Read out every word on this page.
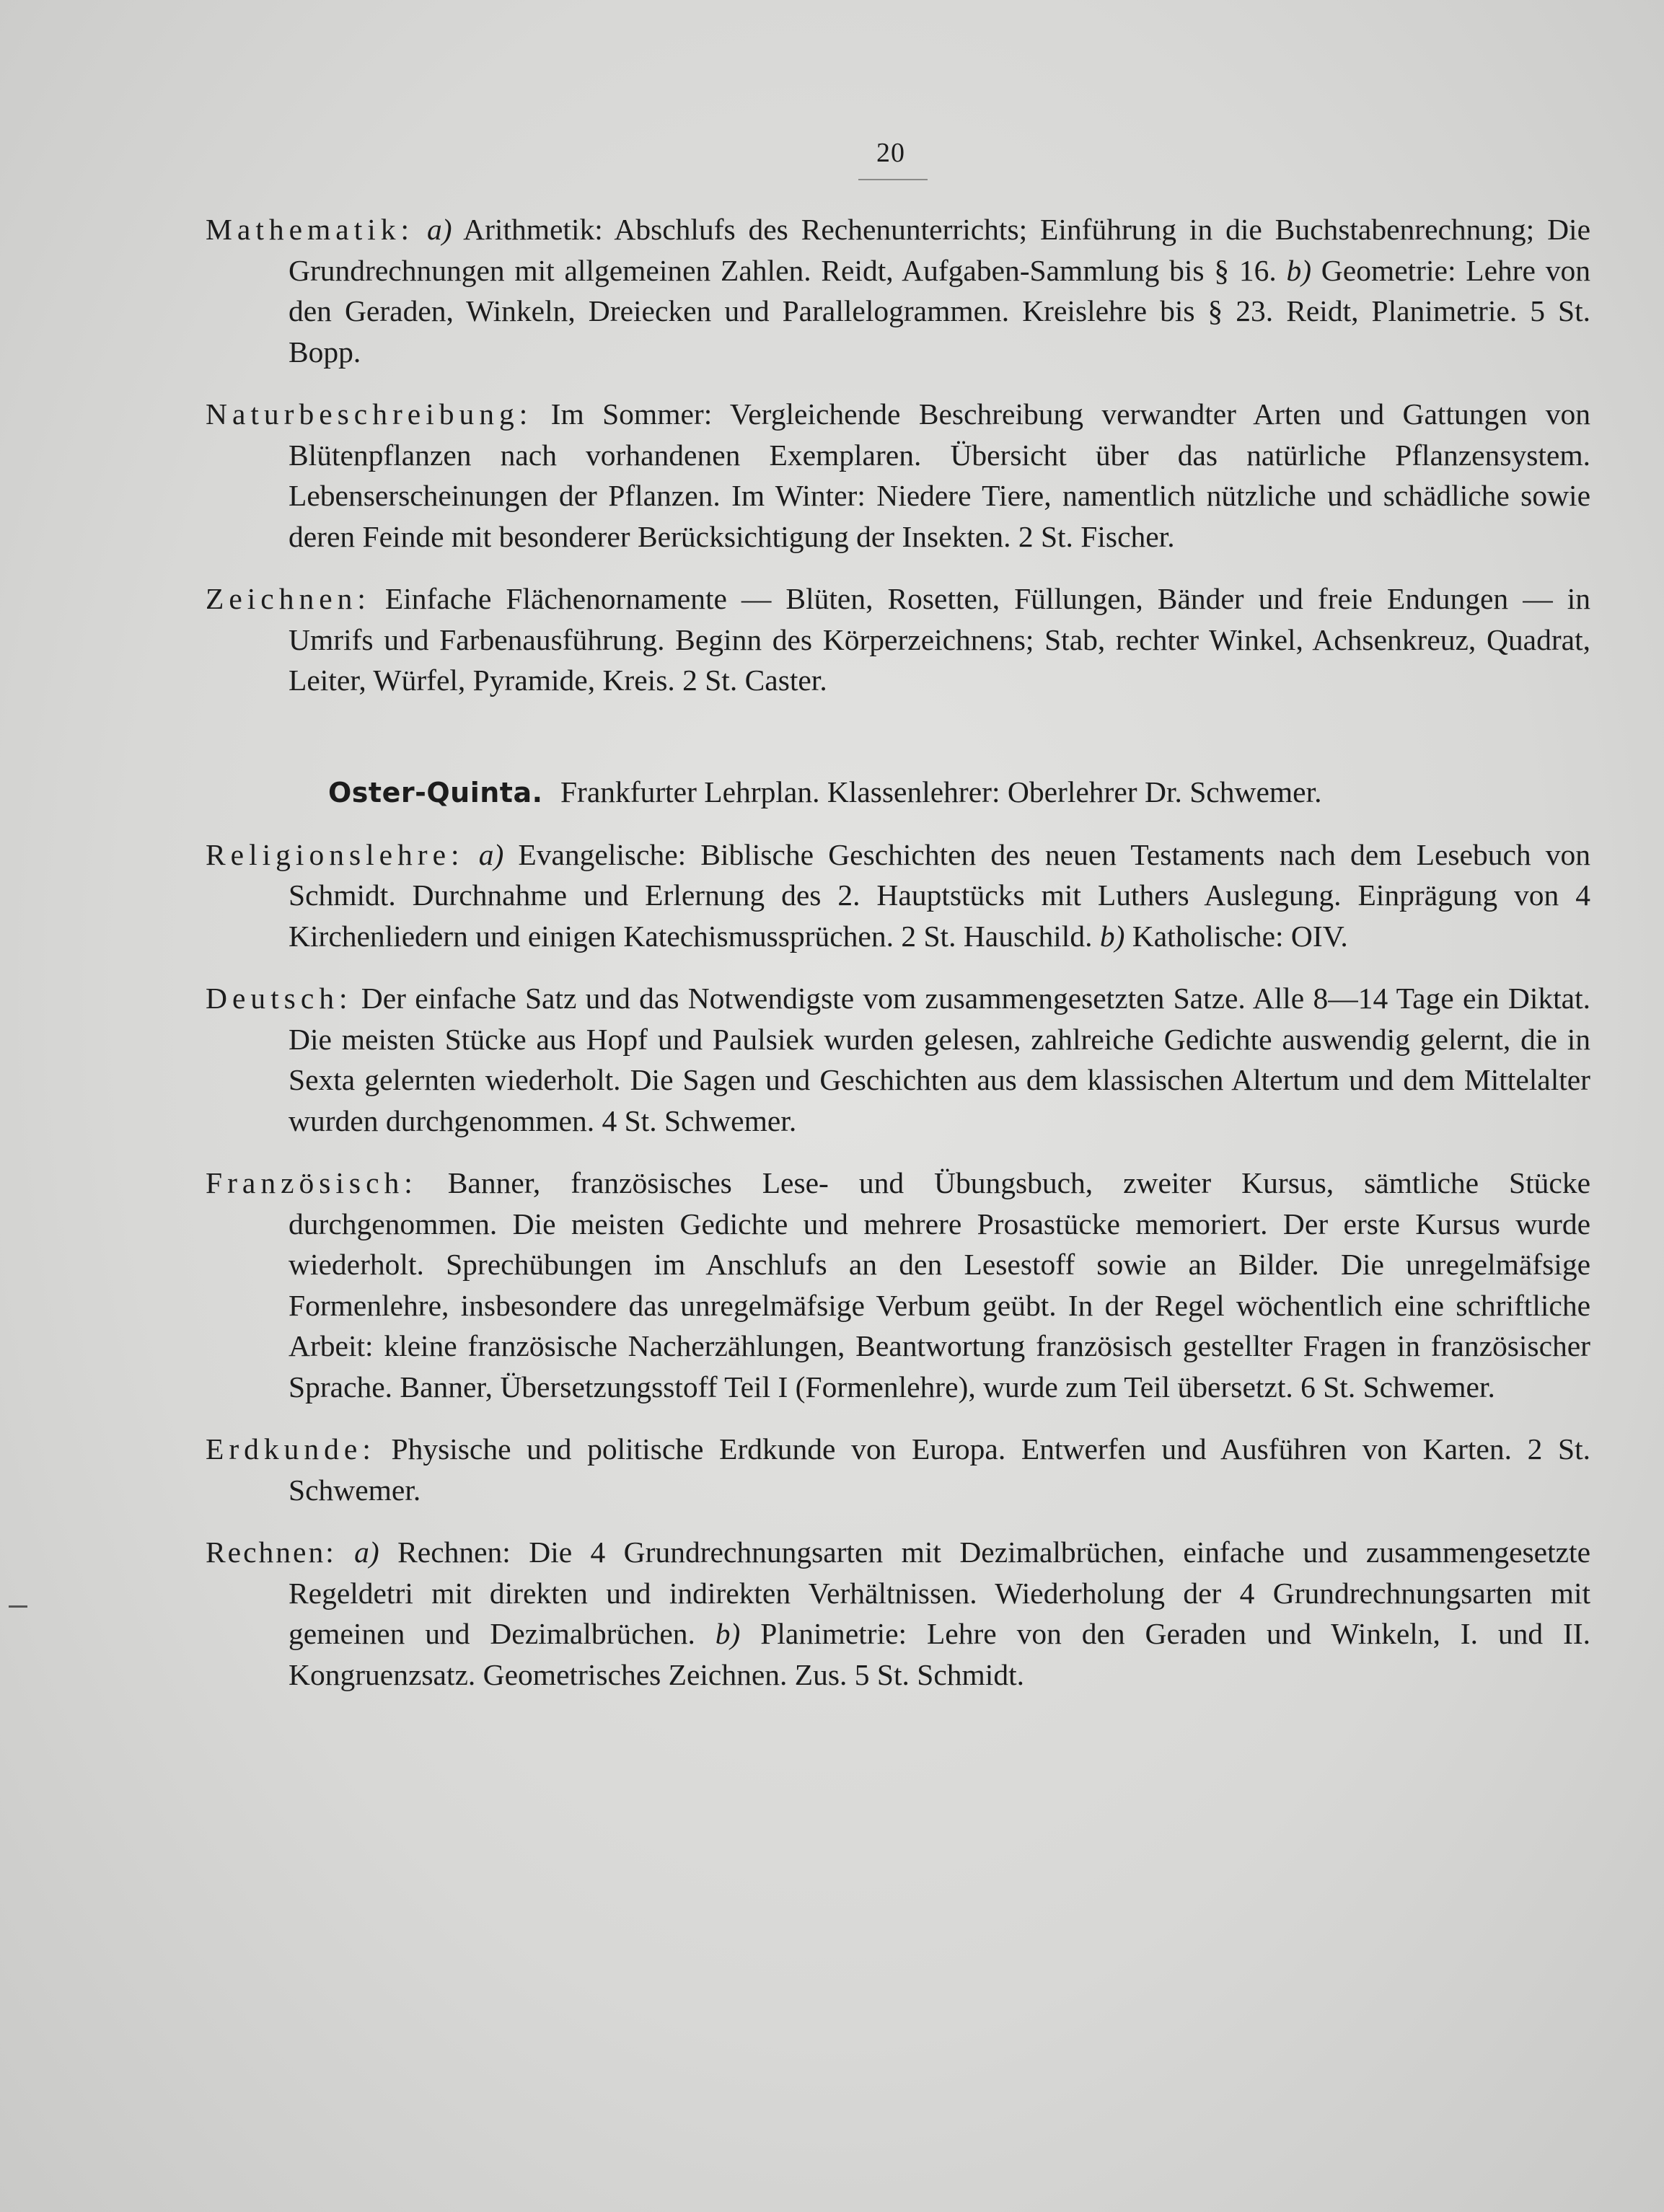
20

Mathematik: a) Arithmetik: Abschlufs des Rechenunterrichts; Einführung in die Buchstabenrechnung; Die Grundrechnungen mit allgemeinen Zahlen. Reidt, Aufgaben-Sammlung bis § 16. b) Geometrie: Lehre von den Geraden, Winkeln, Dreiecken und Parallelogrammen. Kreislehre bis § 23. Reidt, Planimetrie. 5 St. Bopp.

Naturbeschreibung: Im Sommer: Vergleichende Beschreibung verwandter Arten und Gattungen von Blütenpflanzen nach vorhandenen Exemplaren. Übersicht über das natürliche Pflanzensystem. Lebenserscheinungen der Pflanzen. Im Winter: Niedere Tiere, namentlich nützliche und schädliche sowie deren Feinde mit besonderer Berücksichtigung der Insekten. 2 St. Fischer.

Zeichnen: Einfache Flächenornamente — Blüten, Rosetten, Füllungen, Bänder und freie Endungen — in Umrifs und Farbenausführung. Beginn des Körperzeichnens; Stab, rechter Winkel, Achsenkreuz, Quadrat, Leiter, Würfel, Pyramide, Kreis. 2 St. Caster.

Oster-Quinta. Frankfurter Lehrplan. Klassenlehrer: Oberlehrer Dr. Schwemer.

Religionslehre: a) Evangelische: Biblische Geschichten des neuen Testaments nach dem Lesebuch von Schmidt. Durchnahme und Erlernung des 2. Hauptstücks mit Luthers Auslegung. Einprägung von 4 Kirchenliedern und einigen Katechismussprüchen. 2 St. Hauschild. b) Katholische: OIV.

Deutsch: Der einfache Satz und das Notwendigste vom zusammengesetzten Satze. Alle 8—14 Tage ein Diktat. Die meisten Stücke aus Hopf und Paulsiek wurden gelesen, zahlreiche Gedichte auswendig gelernt, die in Sexta gelernten wiederholt. Die Sagen und Geschichten aus dem klassischen Altertum und dem Mittelalter wurden durchgenommen. 4 St. Schwemer.

Französisch: Banner, französisches Lese- und Übungsbuch, zweiter Kursus, sämtliche Stücke durchgenommen. Die meisten Gedichte und mehrere Prosastücke memoriert. Der erste Kursus wurde wiederholt. Sprechübungen im Anschlufs an den Lesestoff sowie an Bilder. Die unregelmäfsige Formenlehre, insbesondere das unregelmäfsige Verbum geübt. In der Regel wöchentlich eine schriftliche Arbeit: kleine französische Nacherzählungen, Beantwortung französisch gestellter Fragen in französischer Sprache. Banner, Übersetzungsstoff Teil I (Formenlehre), wurde zum Teil übersetzt. 6 St. Schwemer.

Erdkunde: Physische und politische Erdkunde von Europa. Entwerfen und Ausführen von Karten. 2 St. Schwemer.

Rechnen: a) Rechnen: Die 4 Grundrechnungsarten mit Dezimalbrüchen, einfache und zusammengesetzte Regeldetri mit direkten und indirekten Verhältnissen. Wiederholung der 4 Grundrechnungsarten mit gemeinen und Dezimalbrüchen. b) Planimetrie: Lehre von den Geraden und Winkeln, I. und II. Kongruenzsatz. Geometrisches Zeichnen. Zus. 5 St. Schmidt.
